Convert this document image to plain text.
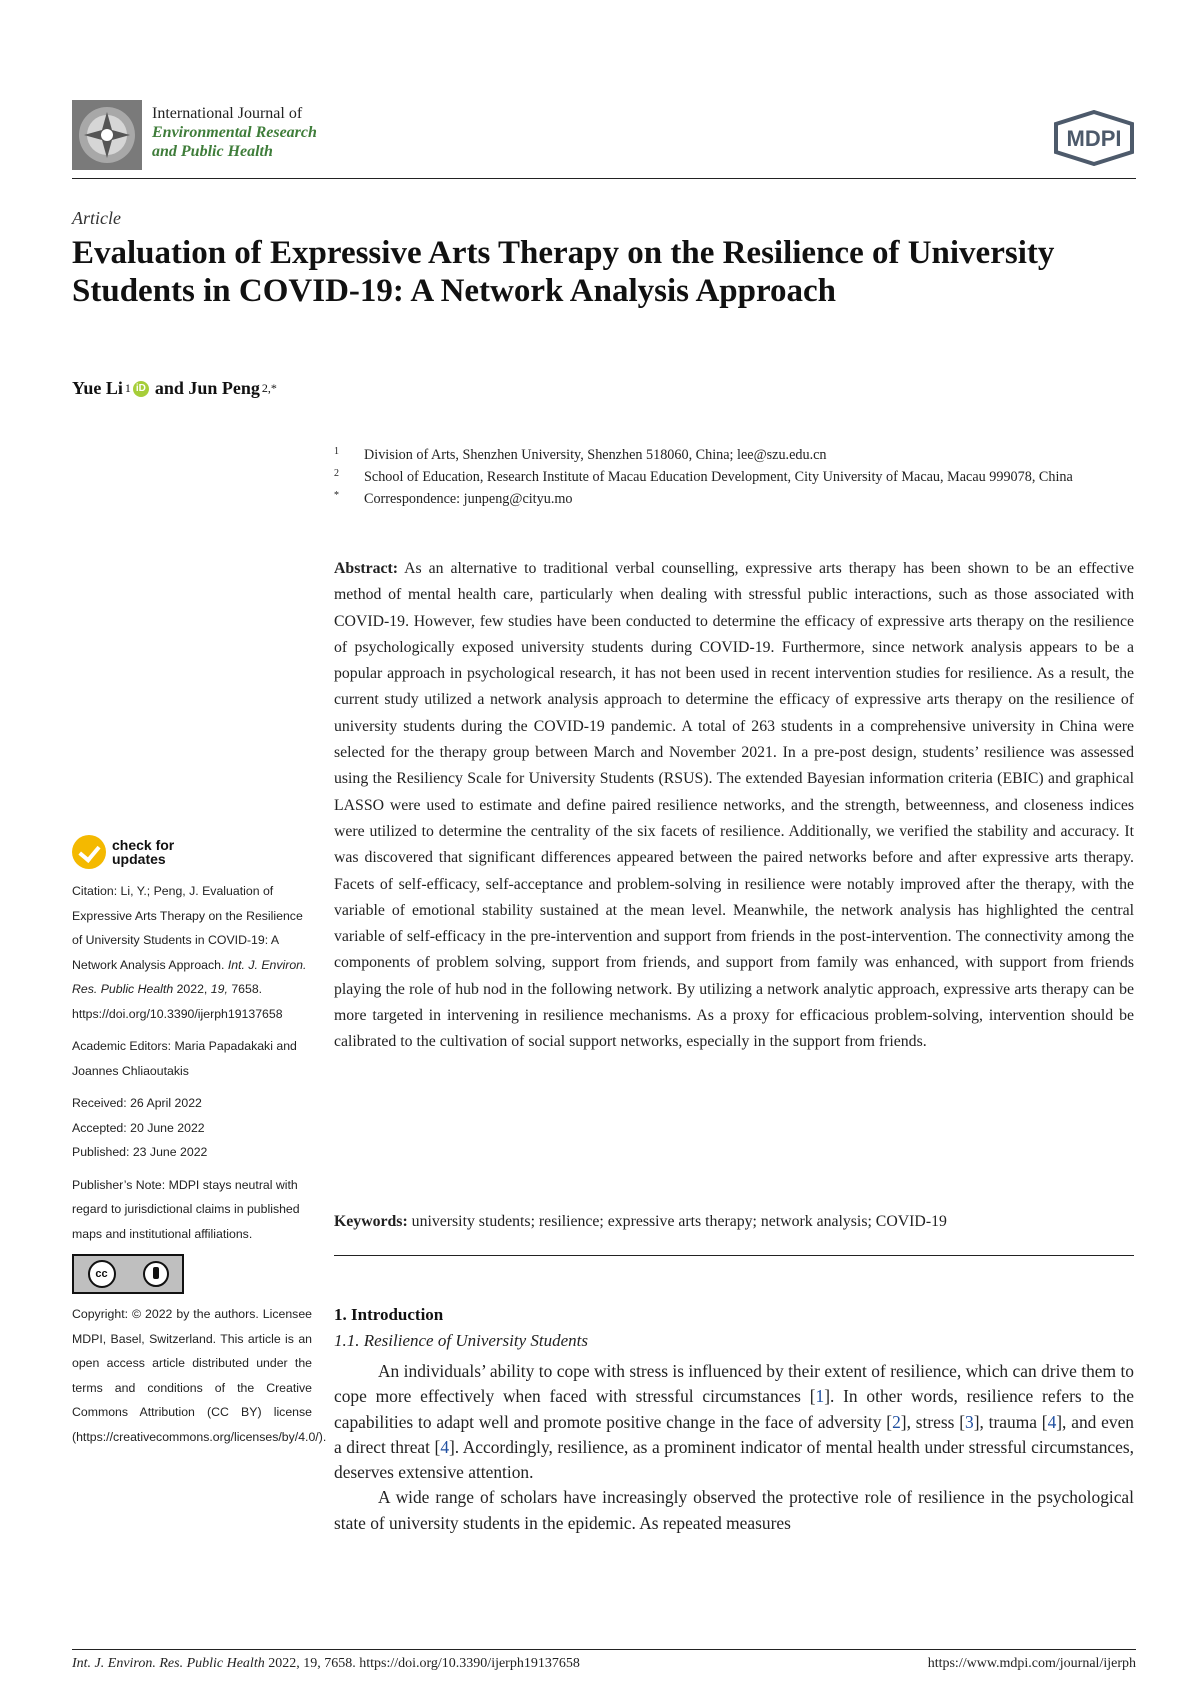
International Journal of
Environmental Research
and Public Health
MDPI
Article
Evaluation of Expressive Arts Therapy on the Resilience of University Students in COVID-19: A Network Analysis Approach
Yue Li 1 iD and
Jun Peng 2,*
1	Division of Arts, Shenzhen University, Shenzhen 518060, China; lee@szu.edu.cn
2	School of Education, Research Institute of Macau Education Development, City University of Macau, Macau 999078, China
*	Correspondence: junpeng@cityu.mo
Abstract: As an alternative to traditional verbal counselling, expressive arts therapy has been shown to be an effective method of mental health care, particularly when dealing with stressful public interactions, such as those associated with COVID-19. However, few studies have been conducted to determine the efficacy of expressive arts therapy on the resilience of psychologically exposed university students during COVID-19. Furthermore, since network analysis appears to be a popular approach in psychological research, it has not been used in recent intervention studies for resilience. As a result, the current study utilized a network analysis approach to determine the efficacy of expressive arts therapy on the resilience of university students during the COVID-19 pandemic. A total of 263 students in a comprehensive university in China were selected for the therapy group between March and November 2021. In a pre-post design, students’ resilience was assessed using the Resiliency Scale for University Students (RSUS). The extended Bayesian information criteria (EBIC) and graphical LASSO were used to estimate and define paired resilience networks, and the strength, betweenness, and closeness indices were utilized to determine the centrality of the six facets of resilience. Additionally, we verified the stability and accuracy. It was discovered that significant differences appeared between the paired networks before and after expressive arts therapy. Facets of self-efficacy, self-acceptance and problem-solving in resilience were notably improved after the therapy, with the variable of emotional stability sustained at the mean level. Meanwhile, the network analysis has highlighted the central variable of self-efficacy in the pre-intervention and support from friends in the post-intervention. The connectivity among the components of problem solving, support from friends, and support from family was enhanced, with support from friends playing the role of hub nod in the following network. By utilizing a network analytic approach, expressive arts therapy can be more targeted in intervening in resilience mechanisms. As a proxy for efficacious problem-solving, intervention should be calibrated to the cultivation of social support networks, especially in the support from friends.
Keywords: university students; resilience; expressive arts therapy; network analysis; COVID-19
1. Introduction
1.1. Resilience of University Students

An individuals’ ability to cope with stress is influenced by their extent of resilience, which can drive them to cope more effectively when faced with stressful circumstances [1]. In other words, resilience refers to the capabilities to adapt well and promote positive change in the face of adversity [2], stress [3], trauma [4], and even a direct threat [4]. Accordingly, resilience, as a prominent indicator of mental health under stressful circumstances, deserves extensive attention.

A wide range of scholars have increasingly observed the protective role of resilience in the psychological state of university students in the epidemic. As repeated measures

check for
updates
Citation: Li, Y.; Peng, J. Evaluation of Expressive Arts Therapy on the Resilience of University Students in COVID-19: A Network Analysis Approach. Int. J. Environ. Res. Public Health 2022, 19, 7658. https://doi.org/10.3390/ijerph19137658
Academic Editors: Maria Papadakaki and Joannes Chliaoutakis
Received: 26 April 2022
Accepted: 20 June 2022
Published: 23 June 2022
Publisher’s Note: MDPI stays neutral with regard to jurisdictional claims in published maps and institutional affiliations.
cc
Copyright: © 2022 by the authors. Licensee MDPI, Basel, Switzerland. This article is an open access article distributed under the terms and conditions of the Creative Commons Attribution (CC BY) license (https://creativecommons.org/licenses/by/4.0/).
Int. J. Environ. Res. Public Health 2022, 19, 7658. https://doi.org/10.3390/ijerph19137658	https://www.mdpi.com/journal/ijerph
